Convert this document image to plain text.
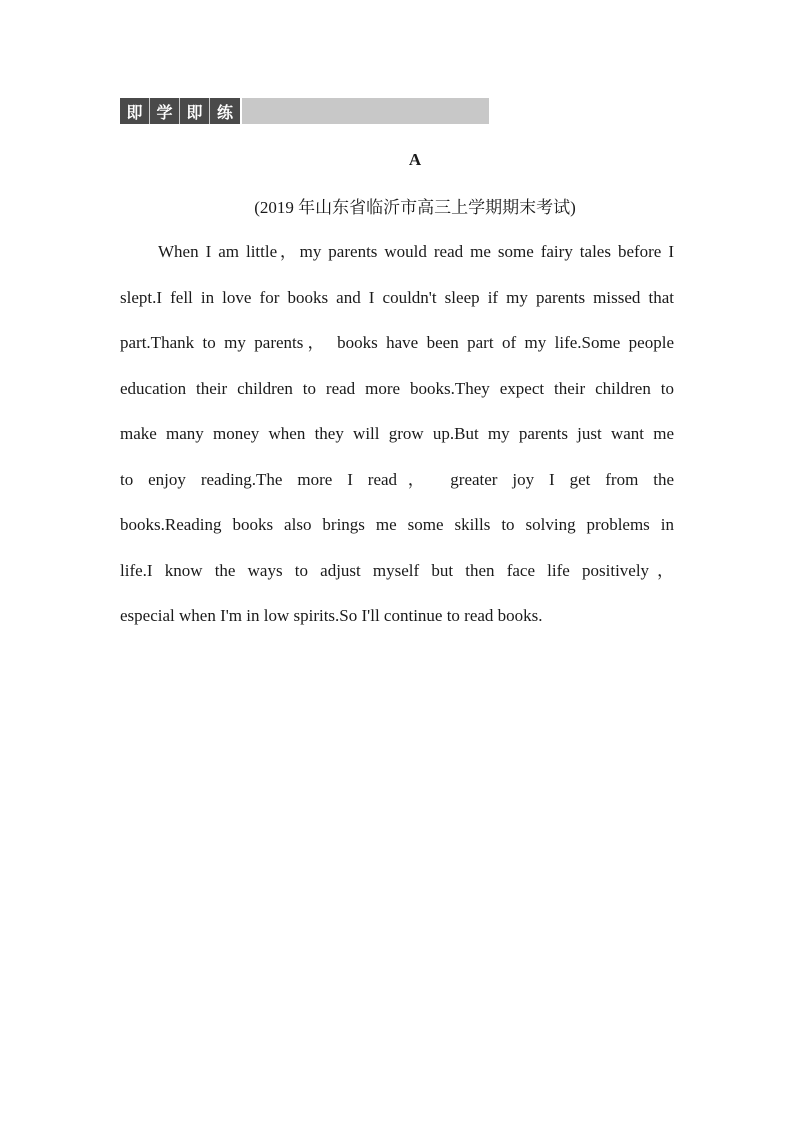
即 学 即 练
A
(2019 年山东省临沂市高三上学期期末考试)
When I am little，my parents would read me some fairy tales before I
slept.I fell in love for books and I couldn't sleep if my parents missed that
part.Thank to my parents， books have been part of my life.Some people
education their children to read more books.They expect their children to
make many money when they will grow up.But my parents just want me
to enjoy reading.The more I read， greater joy I get from the
books.Reading books also brings me some skills to solving problems in
life.I know the ways to adjust myself but then face life positively，
especial when I'm in low spirits.So I'll continue to read books.
